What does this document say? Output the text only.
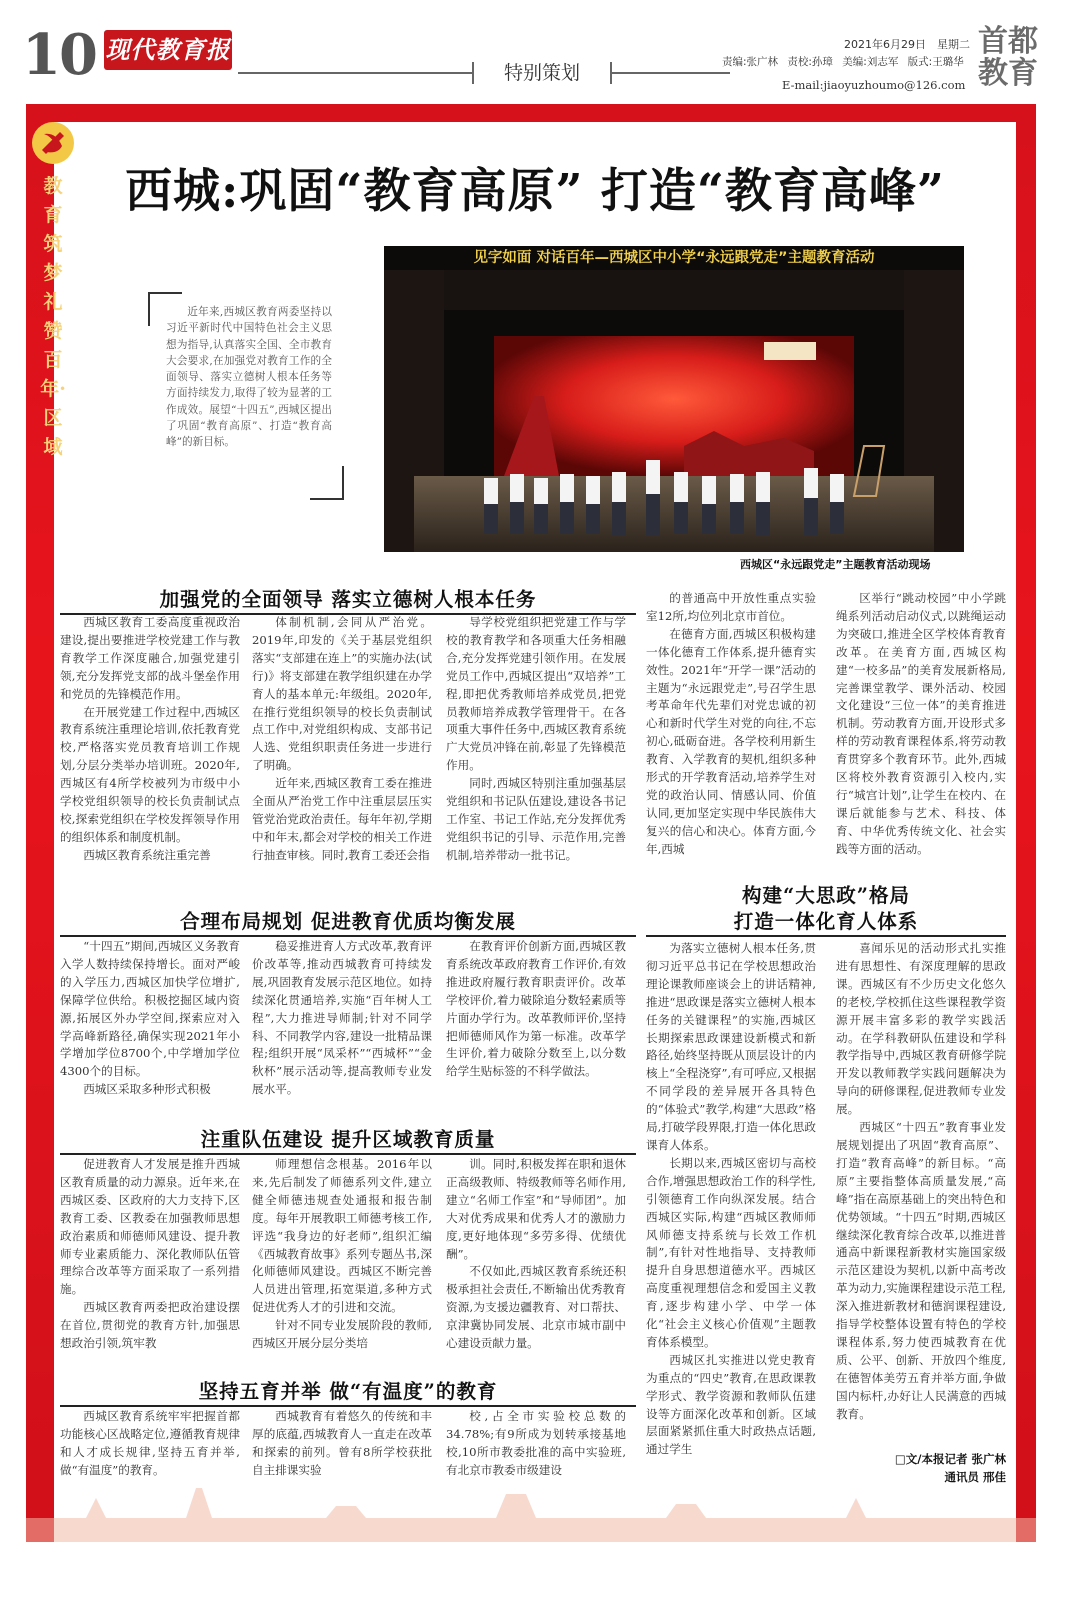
10 现代教育报
特别策划
2021年6月29日　星期二
责编:张广林 责校:孙璋 美编:刘志军 版式:王璐华
E-mail:jiaoyuzhoumo@126.com
首都教育
教育筑梦 礼赞百年·区域
西城:巩固“教育高原” 打造“教育高峰”

近年来,西城区教育两委坚持以习近平新时代中国特色社会主义思想为指导,认真落实全国、全市教育大会要求,在加强党对教育工作的全面领导、落实立德树人根本任务等方面持续发力,取得了较为显著的工作成效。展望“十四五”,西城区提出了巩固“教育高原”、打造“教育高峰”的新目标。

见字如面 对话百年—西城区中小学“永远跟党走”主题教育活动
西城区“永远跟党走”主题教育活动现场
加强党的全面领导 落实立德树人根本任务

西城区教育工委高度重视政治建设,提出要推进学校党建工作与教育教学工作深度融合,加强党建引领,充分发挥党支部的战斗堡垒作用和党员的先锋模范作用。

在开展党建工作过程中,西城区教育系统注重理论培训,依托教育党校,严格落实党员教育培训工作规划,分层分类举办培训班。2020年,西城区有4所学校被列为市级中小学校党组织领导的校长负责制试点校,探索党组织在学校发挥领导作用的组织体系和制度机制。

西城区教育系统注重完善

体制机制,会同从严治党。2019年,印发的《关于基层党组织落实“支部建在连上”的实施办法(试行)》将支部建在教学组织建在办学育人的基本单元:年级组。2020年,在推行党组织领导的校长负责制试点工作中,对党组织构成、支部书记人选、党组织职责任务进一步进行了明确。

近年来,西城区教育工委在推进全面从严治党工作中注重层层压实管党治党政治责任。每年年初,学期中和年末,都会对学校的相关工作进行抽查审核。同时,教育工委还会指

导学校党组织把党建工作与学校的教育教学和各项重大任务相融合,充分发挥党建引领作用。在发展党员工作中,西城区提出“双培养”工程,即把优秀教师培养成党员,把党员教师培养成教学管理骨干。在各项重大事件任务中,西城区教育系统广大党员冲锋在前,彰显了先锋模范作用。

同时,西城区特别注重加强基层党组织和书记队伍建设,建设各书记工作室、书记工作站,充分发挥优秀党组织书记的引导、示范作用,完善机制,培养带动一批书记。

的普通高中开放性重点实验室12所,均位列北京市首位。

在德育方面,西城区积极构建一体化德育工作体系,提升德育实效性。2021年“开学一课”活动的主题为“永远跟党走”,号召学生思考革命年代先辈们对党忠诚的初心和新时代学生对党的向往,不忘初心,砥砺奋进。各学校利用新生教育、入学教育的契机,组织多种形式的开学教育活动,培养学生对党的政治认同、情感认同、价值认同,更加坚定实现中华民族伟大复兴的信心和决心。体育方面,今年,西城

区举行“跳动校园”中小学跳绳系列活动启动仪式,以跳绳运动为突破口,推进全区学校体育教育改革。在美育方面,西城区构建“一校多品”的美育发展新格局,完善课堂教学、课外活动、校园文化建设“三位一体”的美育推进机制。劳动教育方面,开设形式多样的劳动教育课程体系,将劳动教育贯穿多个教育环节。此外,西城区将校外教育资源引入校内,实行“城宫计划”,让学生在校内、在课后就能参与艺术、科技、体育、中华优秀传统文化、社会实践等方面的活动。

合理布局规划 促进教育优质均衡发展

“十四五”期间,西城区义务教育入学人数持续保持增长。面对严峻的入学压力,西城区加快学位增扩,保障学位供给。积极挖掘区域内资源,拓展区外办学空间,探索应对入学高峰新路径,确保实现2021年小学增加学位8700个,中学增加学位4300个的目标。

西城区采取多种形式积极

稳妥推进育人方式改革,教育评价改革等,推动西城教育可持续发展,巩固教育发展示范区地位。如持续深化贯通培养,实施“百年树人工程”,大力推进导师制;针对不同学科、不同教学内容,建设一批精品课程;组织开展“凤采杯”“西城杯”“金秋杯”展示活动等,提高教师专业发展水平。

在教育评价创新方面,西城区教育系统改革政府教育工作评价,有效推进政府履行教育职责评价。改革学校评价,着力破除追分数轻素质等片面办学行为。改革教师评价,坚持把师德师风作为第一标准。改革学生评价,着力破除分数至上,以分数给学生贴标签的不科学做法。

注重队伍建设 提升区域教育质量

促进教育人才发展是推升西城区教育质量的动力源泉。近年来,在西城区委、区政府的大力支持下,区教育工委、区教委在加强教师思想政治素质和师德师风建设、提升教师专业素质能力、深化教师队伍管理综合改革等方面采取了一系列措施。

西城区教育两委把政治建设摆在首位,贯彻党的教育方针,加强思想政治引领,筑牢教

师理想信念根基。2016年以来,先后制发了师德系列文件,建立健全师德违规查处通报和报告制度。每年开展教职工师德考核工作,评选“我身边的好老师”,组织汇编《西城教育故事》系列专题丛书,深化师德师风建设。西城区不断完善人员进出管理,拓宽渠道,多种方式促进优秀人才的引进和交流。

针对不同专业发展阶段的教师,西城区开展分层分类培

训。同时,积极发挥在职和退休正高级教师、特级教师等名师作用,建立“名师工作室”和“导师团”。加大对优秀成果和优秀人才的激励力度,更好地体现“多劳多得、优绩优酬”。

不仅如此,西城区教育系统还积极承担社会责任,不断输出优秀教育资源,为支援边疆教育、对口帮扶、京津冀协同发展、北京市城市副中心建设贡献力量。

坚持五育并举 做“有温度”的教育

西城区教育系统牢牢把握首都功能核心区战略定位,遵循教育规律和人才成长规律,坚持五育并举,做“有温度”的教育。

西城教育有着悠久的传统和丰厚的底蕴,西城教育人一直走在改革和探索的前列。曾有8所学校获批自主排课实验

校,占全市实验校总数的34.78%;有9所成为划转承接基地校,10所市教委批准的高中实验班,有北京市教委市级建设

构建“大思政”格局
打造一体化育人体系

为落实立德树人根本任务,贯彻习近平总书记在学校思想政治理论课教师座谈会上的讲话精神,推进“思政课是落实立德树人根本任务的关键课程”的实施,西城区长期探索思政课建设新模式和新路径,始终坚持既从顶层设计的内核上“全程浇穿”,有可呼应,又根据不同学段的差异展开各具特色的“体验式”教学,构建“大思政”格局,打破学段界限,打造一体化思政课育人体系。

长期以来,西城区密切与高校合作,增强思想政治工作的科学性,引领德育工作向纵深发展。结合西城区实际,构建“西城区教师师风师德支持系统与长效工作机制”,有针对性地指导、支持教师提升自身思想道德水平。西城区高度重视理想信念和爱国主义教育,逐步构建小学、中学一体化“社会主义核心价值观”主题教育体系模型。

西城区扎实推进以党史教育为重点的“四史”教育,在思政课教学形式、教学资源和教师队伍建设等方面深化改革和创新。区域层面紧紧抓住重大时政热点话题,通过学生

喜闻乐见的活动形式扎实推进有思想性、有深度理解的思政课。西城区有不少历史文化悠久的老校,学校抓住这些课程教学资源开展丰富多彩的教学实践活动。在学科教研队伍建设和学科教学指导中,西城区教育研修学院开发以教师教学实践问题解决为导向的研修课程,促进教师专业发展。

西城区“十四五”教育事业发展规划提出了巩固“教育高原”、打造“教育高峰”的新目标。“高原”主要指整体高质量发展,“高峰”指在高原基础上的突出特色和优势领域。“十四五”时期,西城区继续深化教育综合改革,以推进普通高中新课程新教材实施国家级示范区建设为契机,以新中高考改革为动力,实施课程建设示范工程,深入推进新教材和德润课程建设,指导学校整体设置有特色的学校课程体系,努力使西城教育在优质、公平、创新、开放四个维度,在德智体美劳五育并举方面,争做国内标杆,办好让人民满意的西城教育。

□文/本报记者 张广林
通讯员 邢佳
